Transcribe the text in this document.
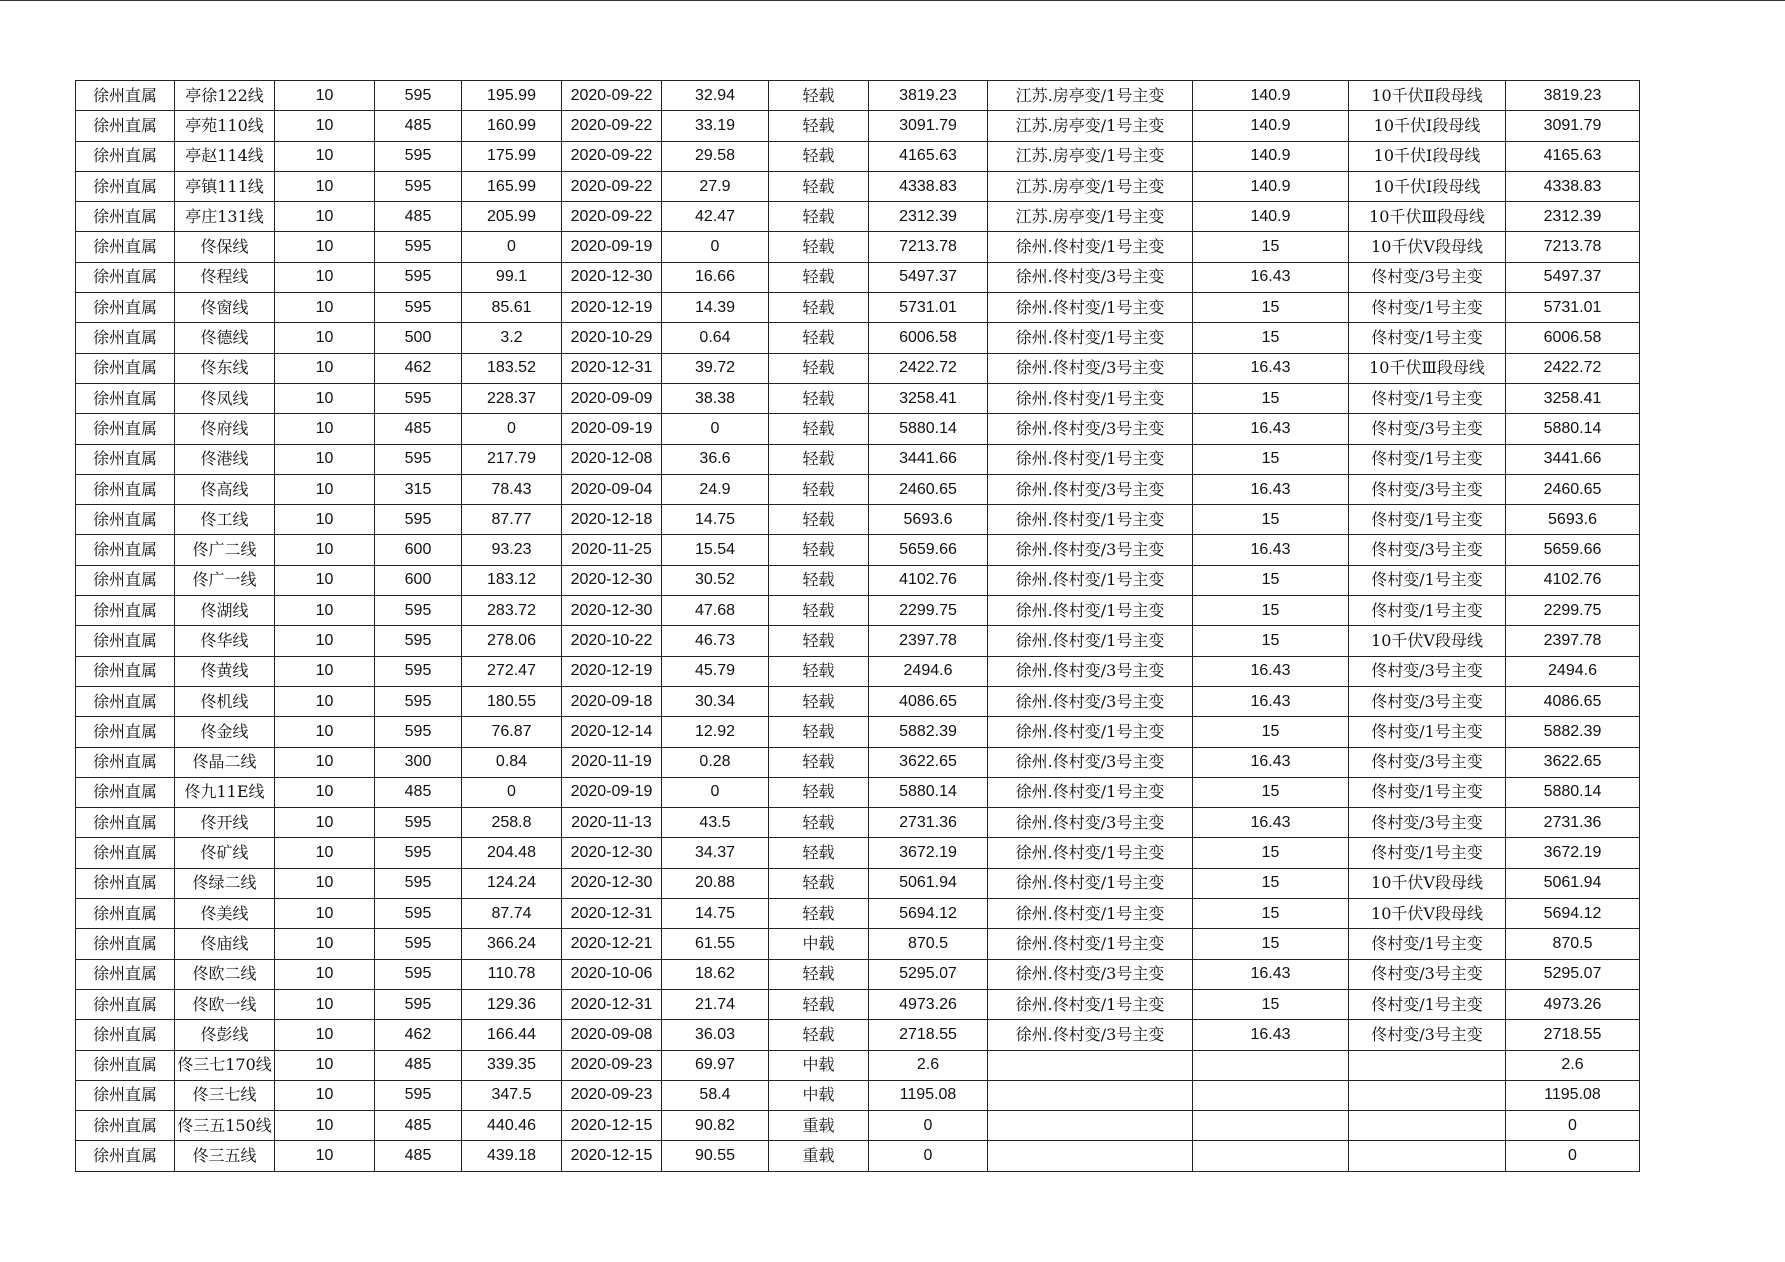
徐州直属	亭徐122线	10	595	195.99	2020-09-22	32.94	轻载	3819.23	江苏.房亭变/1号主变	140.9	10千伏Ⅱ段母线	3819.23
徐州直属	亭苑110线	10	485	160.99	2020-09-22	33.19	轻载	3091.79	江苏.房亭变/1号主变	140.9	10千伏Ⅰ段母线	3091.79
徐州直属	亭赵114线	10	595	175.99	2020-09-22	29.58	轻载	4165.63	江苏.房亭变/1号主变	140.9	10千伏Ⅰ段母线	4165.63
徐州直属	亭镇111线	10	595	165.99	2020-09-22	27.9	轻载	4338.83	江苏.房亭变/1号主变	140.9	10千伏Ⅰ段母线	4338.83
徐州直属	亭庄131线	10	485	205.99	2020-09-22	42.47	轻载	2312.39	江苏.房亭变/1号主变	140.9	10千伏Ⅲ段母线	2312.39
徐州直属	佟保线	10	595	0	2020-09-19	0	轻载	7213.78	徐州.佟村变/1号主变	15	10千伏Ⅴ段母线	7213.78
徐州直属	佟程线	10	595	99.1	2020-12-30	16.66	轻载	5497.37	徐州.佟村变/3号主变	16.43	佟村变/3号主变	5497.37
徐州直属	佟窗线	10	595	85.61	2020-12-19	14.39	轻载	5731.01	徐州.佟村变/1号主变	15	佟村变/1号主变	5731.01
徐州直属	佟德线	10	500	3.2	2020-10-29	0.64	轻载	6006.58	徐州.佟村变/1号主变	15	佟村变/1号主变	6006.58
徐州直属	佟东线	10	462	183.52	2020-12-31	39.72	轻载	2422.72	徐州.佟村变/3号主变	16.43	10千伏Ⅲ段母线	2422.72
徐州直属	佟凤线	10	595	228.37	2020-09-09	38.38	轻载	3258.41	徐州.佟村变/1号主变	15	佟村变/1号主变	3258.41
徐州直属	佟府线	10	485	0	2020-09-19	0	轻载	5880.14	徐州.佟村变/3号主变	16.43	佟村变/3号主变	5880.14
徐州直属	佟港线	10	595	217.79	2020-12-08	36.6	轻载	3441.66	徐州.佟村变/1号主变	15	佟村变/1号主变	3441.66
徐州直属	佟高线	10	315	78.43	2020-09-04	24.9	轻载	2460.65	徐州.佟村变/3号主变	16.43	佟村变/3号主变	2460.65
徐州直属	佟工线	10	595	87.77	2020-12-18	14.75	轻载	5693.6	徐州.佟村变/1号主变	15	佟村变/1号主变	5693.6
徐州直属	佟广二线	10	600	93.23	2020-11-25	15.54	轻载	5659.66	徐州.佟村变/3号主变	16.43	佟村变/3号主变	5659.66
徐州直属	佟广一线	10	600	183.12	2020-12-30	30.52	轻载	4102.76	徐州.佟村变/1号主变	15	佟村变/1号主变	4102.76
徐州直属	佟湖线	10	595	283.72	2020-12-30	47.68	轻载	2299.75	徐州.佟村变/1号主变	15	佟村变/1号主变	2299.75
徐州直属	佟华线	10	595	278.06	2020-10-22	46.73	轻载	2397.78	徐州.佟村变/1号主变	15	10千伏Ⅴ段母线	2397.78
徐州直属	佟黄线	10	595	272.47	2020-12-19	45.79	轻载	2494.6	徐州.佟村变/3号主变	16.43	佟村变/3号主变	2494.6
徐州直属	佟机线	10	595	180.55	2020-09-18	30.34	轻载	4086.65	徐州.佟村变/3号主变	16.43	佟村变/3号主变	4086.65
徐州直属	佟金线	10	595	76.87	2020-12-14	12.92	轻载	5882.39	徐州.佟村变/1号主变	15	佟村变/1号主变	5882.39
徐州直属	佟晶二线	10	300	0.84	2020-11-19	0.28	轻载	3622.65	徐州.佟村变/3号主变	16.43	佟村变/3号主变	3622.65
徐州直属	佟九11E线	10	485	0	2020-09-19	0	轻载	5880.14	徐州.佟村变/1号主变	15	佟村变/1号主变	5880.14
徐州直属	佟开线	10	595	258.8	2020-11-13	43.5	轻载	2731.36	徐州.佟村变/3号主变	16.43	佟村变/3号主变	2731.36
徐州直属	佟矿线	10	595	204.48	2020-12-30	34.37	轻载	3672.19	徐州.佟村变/1号主变	15	佟村变/1号主变	3672.19
徐州直属	佟绿二线	10	595	124.24	2020-12-30	20.88	轻载	5061.94	徐州.佟村变/1号主变	15	10千伏Ⅴ段母线	5061.94
徐州直属	佟美线	10	595	87.74	2020-12-31	14.75	轻载	5694.12	徐州.佟村变/1号主变	15	10千伏Ⅴ段母线	5694.12
徐州直属	佟庙线	10	595	366.24	2020-12-21	61.55	中载	870.5	徐州.佟村变/1号主变	15	佟村变/1号主变	870.5
徐州直属	佟欧二线	10	595	110.78	2020-10-06	18.62	轻载	5295.07	徐州.佟村变/3号主变	16.43	佟村变/3号主变	5295.07
徐州直属	佟欧一线	10	595	129.36	2020-12-31	21.74	轻载	4973.26	徐州.佟村变/1号主变	15	佟村变/1号主变	4973.26
徐州直属	佟彭线	10	462	166.44	2020-09-08	36.03	轻载	2718.55	徐州.佟村变/3号主变	16.43	佟村变/3号主变	2718.55
徐州直属	佟三七170线	10	485	339.35	2020-09-23	69.97	中载	2.6				2.6
徐州直属	佟三七线	10	595	347.5	2020-09-23	58.4	中载	1195.08				1195.08
徐州直属	佟三五150线	10	485	440.46	2020-12-15	90.82	重载	0				0
徐州直属	佟三五线	10	485	439.18	2020-12-15	90.55	重载	0				0
